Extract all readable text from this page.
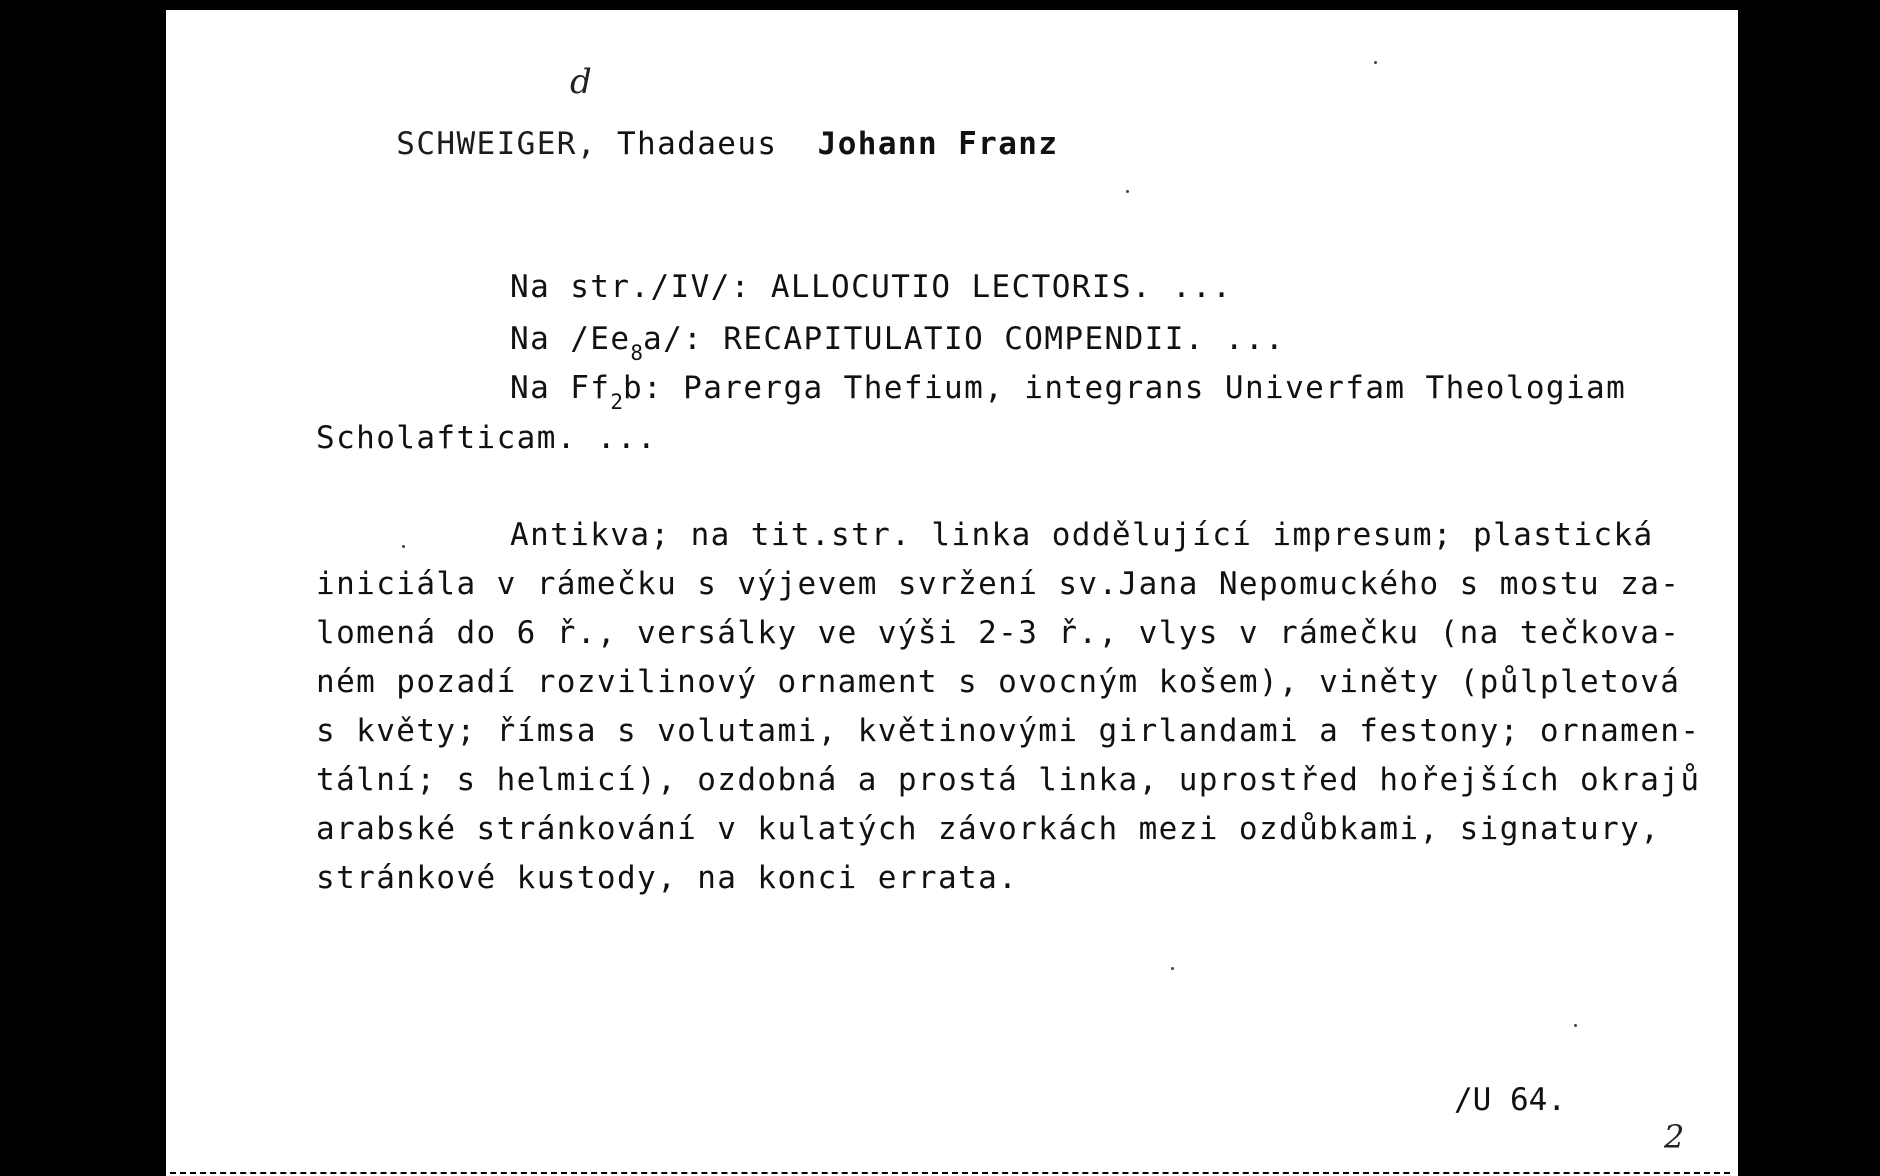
SCHWEIGER, Thadaeus Johann Franz

d
Na str./IV/: ALLOCUTIO LECTORIS. ...
Na $/Ee_8a/$: RECAPITULATIO COMPENDII. ...
Na $Ff_2b$: Parerga Thefium, integrans Univerfam Theologiam
Scholafticam. ...
Antikva; na tit.str. linka oddělující impresum; plastická
iniciála v rámečku s výjevem svržení sv.Jana Nepomuckého s mostu za-
lomená do 6 ř., versálky ve výši 2-3 ř., vlys v rámečku (na tečkova-
ném pozadí rozvilinový ornament s ovocným košem), viněty (půlpletová
s květy; římsa s volutami, květinovými girlandami a festony; ornamen-
tální; s helmicí), ozdobná a prostá linka, uprostřed hořejších okrajů
arabské stránkování v kulatých závorkách mezi ozdůbkami, signatury,
stránkové kustody, na konci errata.
∕U 64.
2
